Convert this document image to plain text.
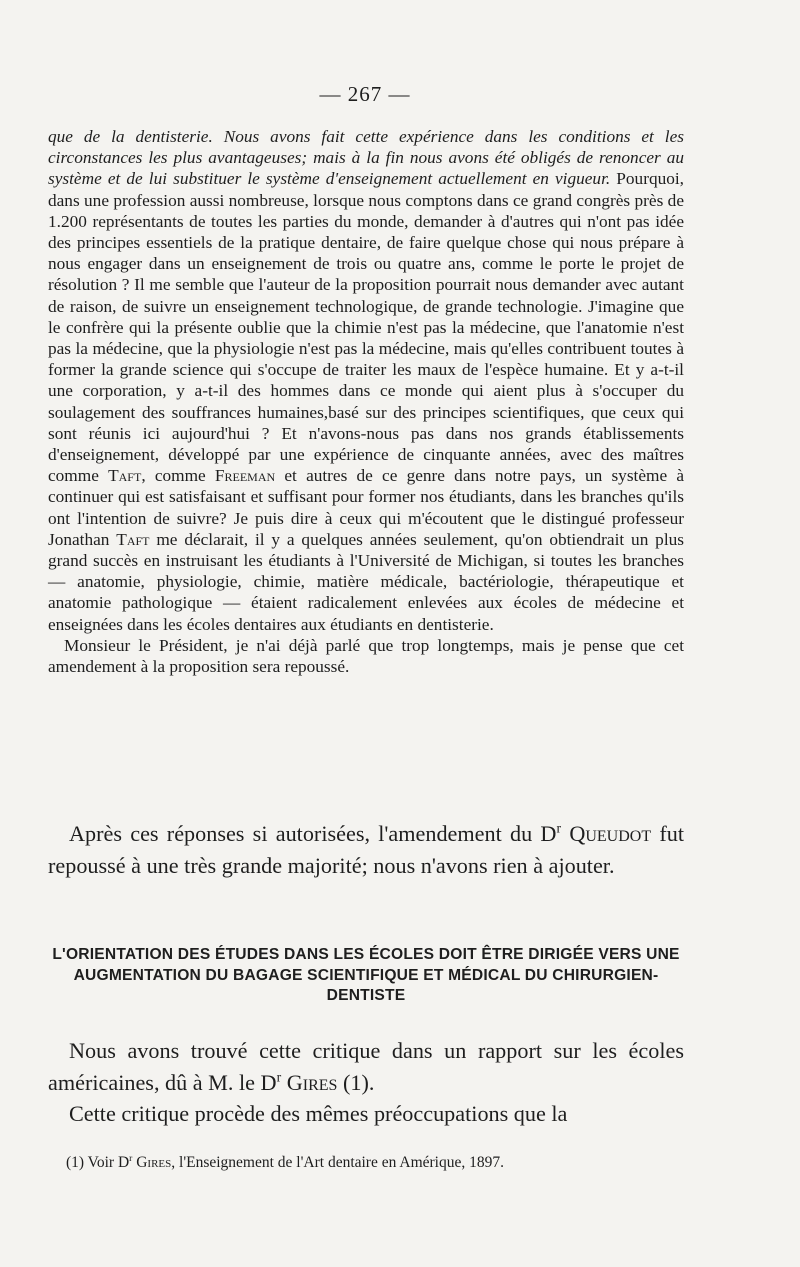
— 267 —

que de la dentisterie. Nous avons fait cette expérience dans les conditions et les circonstances les plus avantageuses; mais à la fin nous avons été obligés de renoncer au système et de lui substituer le système d'enseignement actuellement en vigueur. Pourquoi, dans une profession aussi nombreuse, lorsque nous comptons dans ce grand congrès près de 1.200 représentants de toutes les parties du monde, demander à d'autres qui n'ont pas idée des principes essentiels de la pratique dentaire, de faire quelque chose qui nous prépare à nous engager dans un enseignement de trois ou quatre ans, comme le porte le projet de résolution ? Il me semble que l'auteur de la proposition pourrait nous demander avec autant de raison, de suivre un enseignement technologique, de grande technologie. J'imagine que le confrère qui la présente oublie que la chimie n'est pas la médecine, que l'anatomie n'est pas la médecine, que la physiologie n'est pas la médecine, mais qu'elles contribuent toutes à former la grande science qui s'occupe de traiter les maux de l'espèce humaine. Et y a-t-il une corporation, y a-t-il des hommes dans ce monde qui aient plus à s'occuper du soulagement des souffrances humaines,basé sur des principes scientifiques, que ceux qui sont réunis ici aujourd'hui ? Et n'avons-nous pas dans nos grands établissements d'enseignement, développé par une expérience de cinquante années, avec des maîtres comme Taft, comme Freeman et autres de ce genre dans notre pays, un système à continuer qui est satisfaisant et suffisant pour former nos étudiants, dans les branches qu'ils ont l'intention de suivre? Je puis dire à ceux qui m'écoutent que le distingué professeur Jonathan Taft me déclarait, il y a quelques années seulement, qu'on obtiendrait un plus grand succès en instruisant les étudiants à l'Université de Michigan, si toutes les branches — anatomie, physiologie, chimie, matière médicale, bactériologie, thérapeutique et anatomie pathologique — étaient radicalement enlevées aux écoles de médecine et enseignées dans les écoles dentaires aux étudiants en dentisterie.

Monsieur le Président, je n'ai déjà parlé que trop longtemps, mais je pense que cet amendement à la proposition sera repoussé.

Après ces réponses si autorisées, l'amendement du $D^r$ Queudot fut repoussé à une très grande majorité; nous n'avons rien à ajouter.

L'ORIENTATION DES ÉTUDES DANS LES ÉCOLES DOIT ÊTRE DIRIGÉE VERS UNE AUGMENTATION DU BAGAGE SCIENTIFIQUE ET MÉDICAL DU CHIRURGIEN-DENTISTE

Nous avons trouvé cette critique dans un rapport sur les écoles américaines, dû à M. le $D^r$ Gires (1).

Cette critique procède des mêmes préoccupations que la

(1) Voir $D^r$ Gires, l'Enseignement de l'Art dentaire en Amérique, 1897.
